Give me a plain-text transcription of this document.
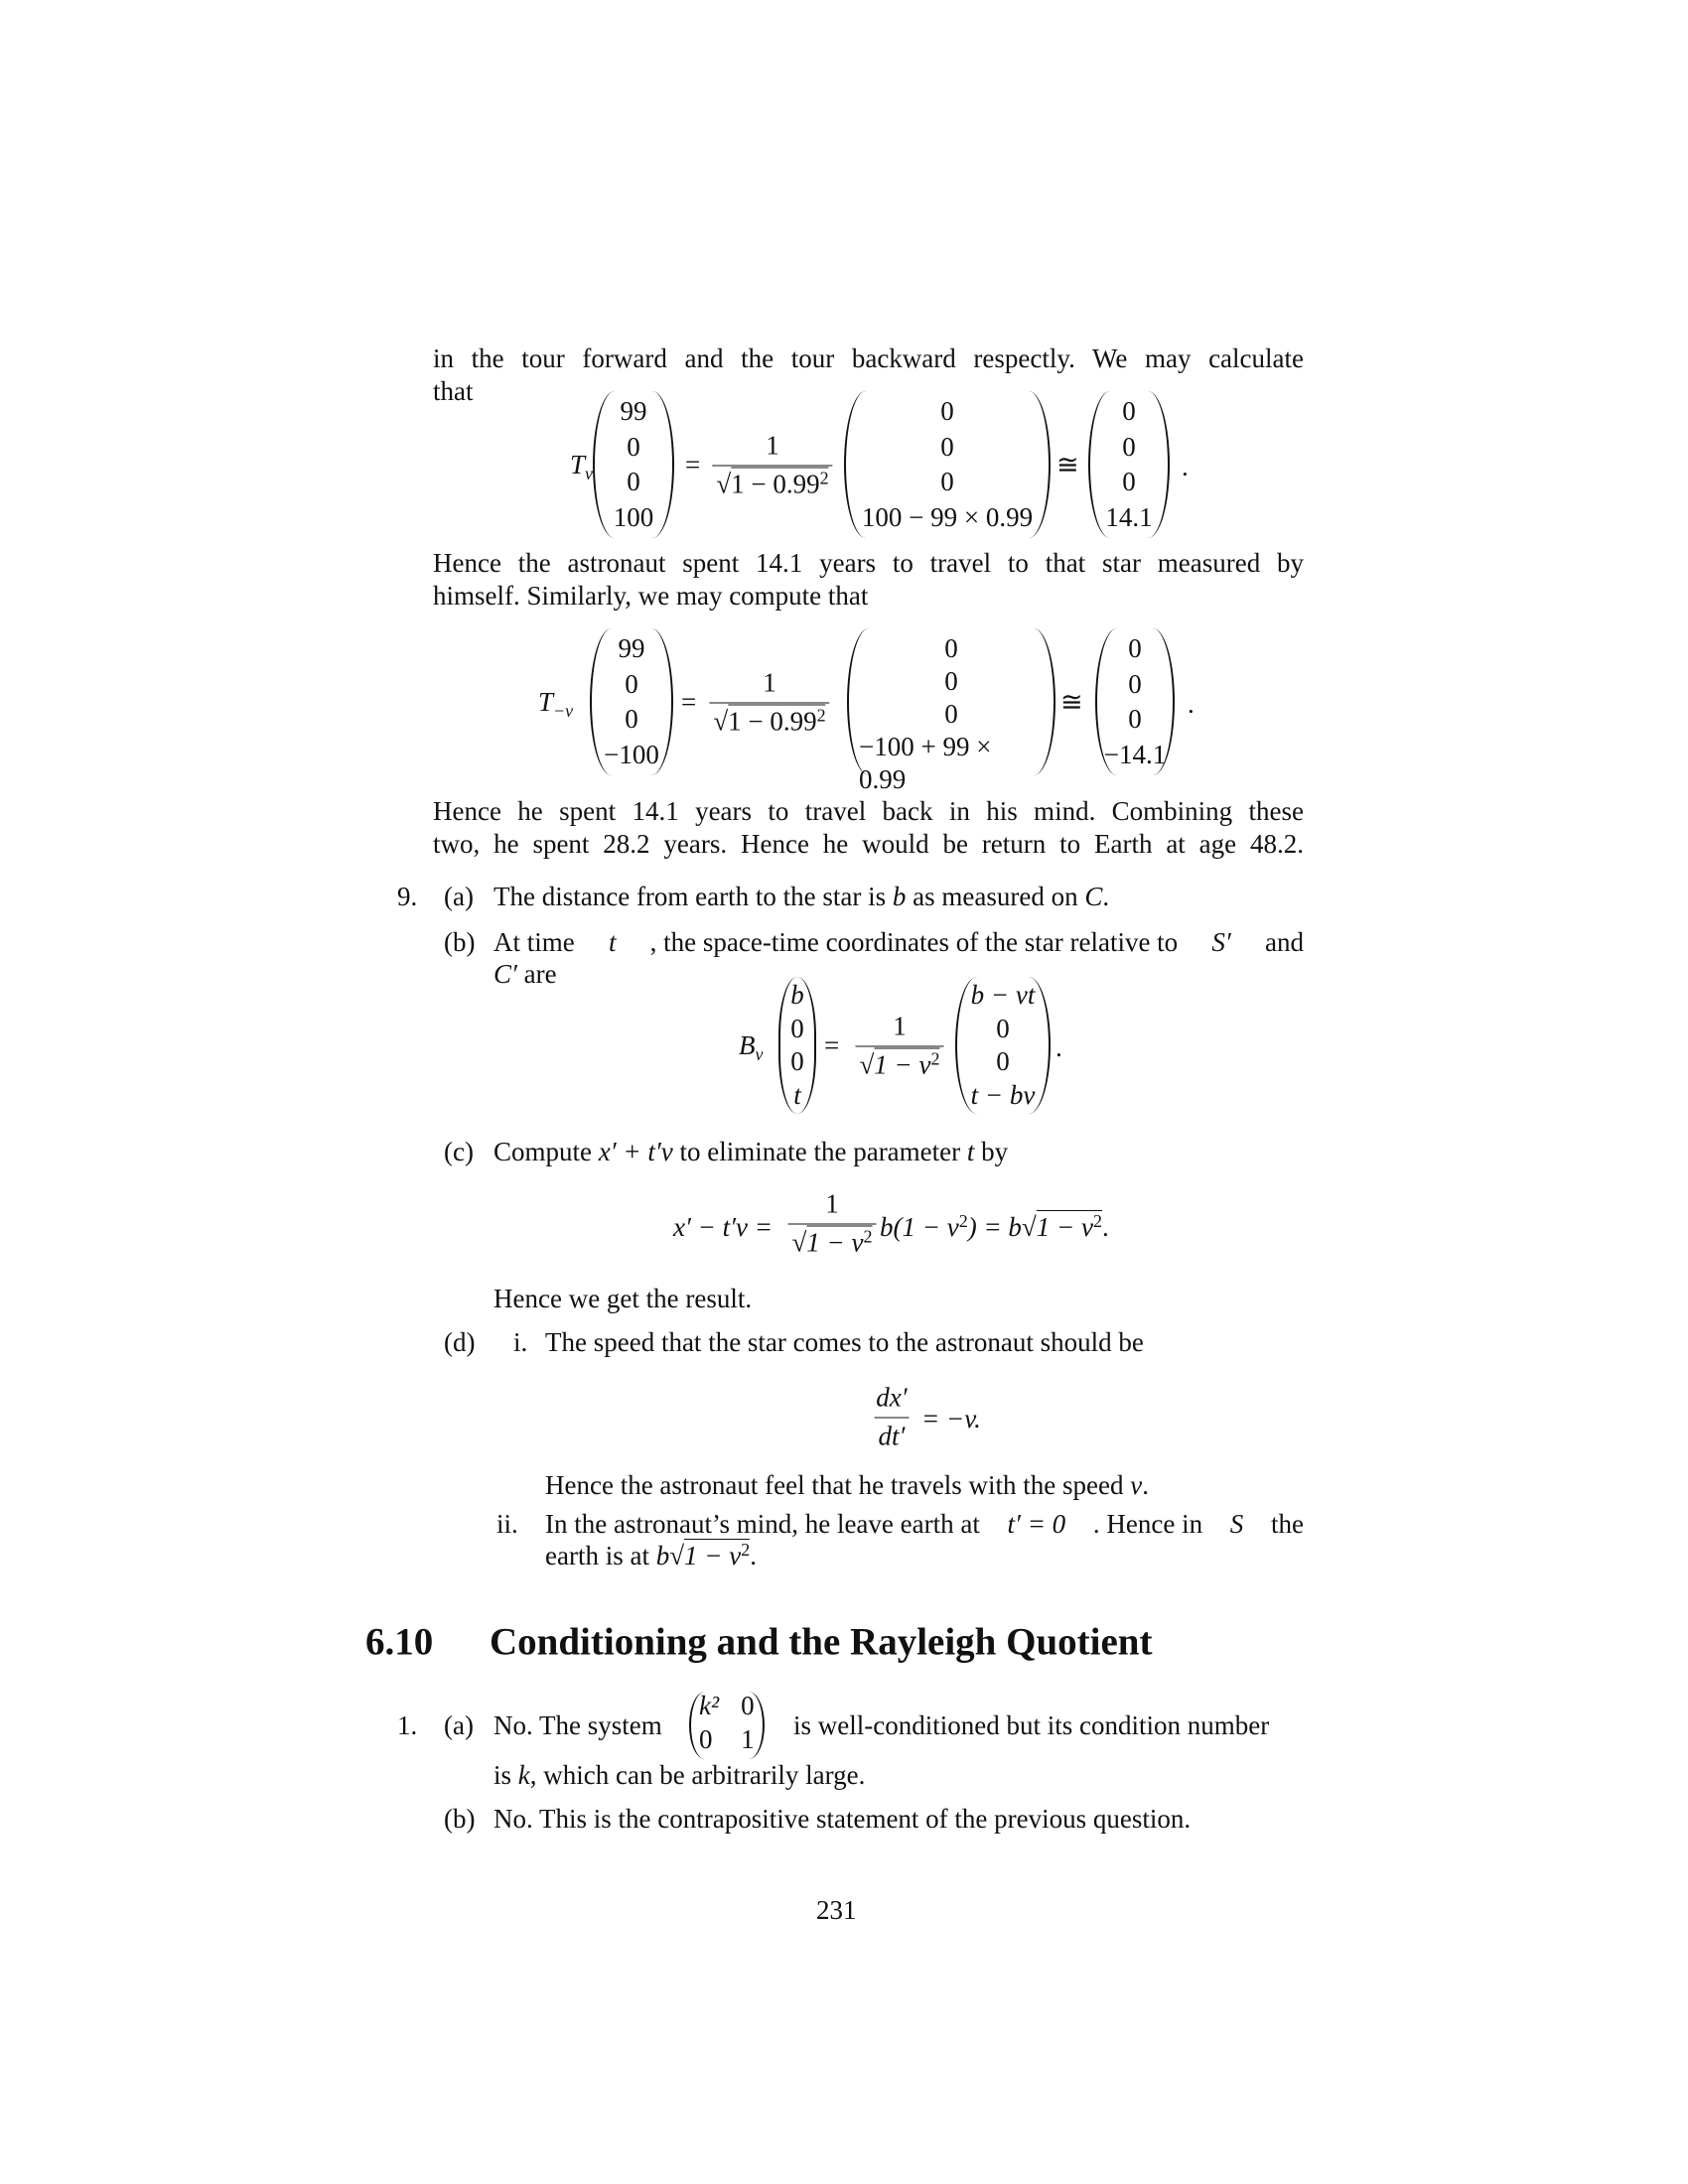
in the tour forward and the tour backward respectly. We may calculate
that
$T_v$
99
0
0
100
= $\frac{1}{√1 - 0.99^2}$
0
0
0
100 − 99 × 0.99
≅
0
0
0
14.1
.
Hence the astronaut spent 14.1 years to travel to that star measured by
himself. Similarly, we may compute that
$T_{-v}$
99
0
0
−100
= $\frac{1}{√1 - 0.99^2}$
0
0
0
−100 + 99 × 0.99
≅
0
0
0
−14.1
.
Hence he spent 14.1 years to travel back in his mind. Combining these
two, he spent 28.2 years. Hence he would be return to Earth at age 48.2.
9. (a) The distance from earth to the star is b as measured on C.
(b) At time t , the space-time coordinates of the star relative to S′ and
C′ are
$B_v$
b
0
0
t
= $\frac{1}{√1 - v^2}$
b − vt
0
0
t − bv
.
(c) Compute x′ + t′v to eliminate the parameter t by
$x' - t'v = \frac{1}{√1 - v^2} b(1 - v^2) = b√1 - v^2$.
Hence we get the result.
(d) i. The speed that the star comes to the astronaut should be
$\frac{dx'}{dt'} = -v$.
Hence the astronaut feel that he travels with the speed v.
ii. In the astronaut’s mind, he leave earth at t′ = 0 . Hence in S the
earth is at $b√1 - v^2$.
6.10 Conditioning and the Rayleigh Quotient
1. (a) No. The system
k² 0
0 1 is well-conditioned but its condition number
is k, which can be arbitrarily large.
(b) No. This is the contrapositive statement of the previous question.
231
